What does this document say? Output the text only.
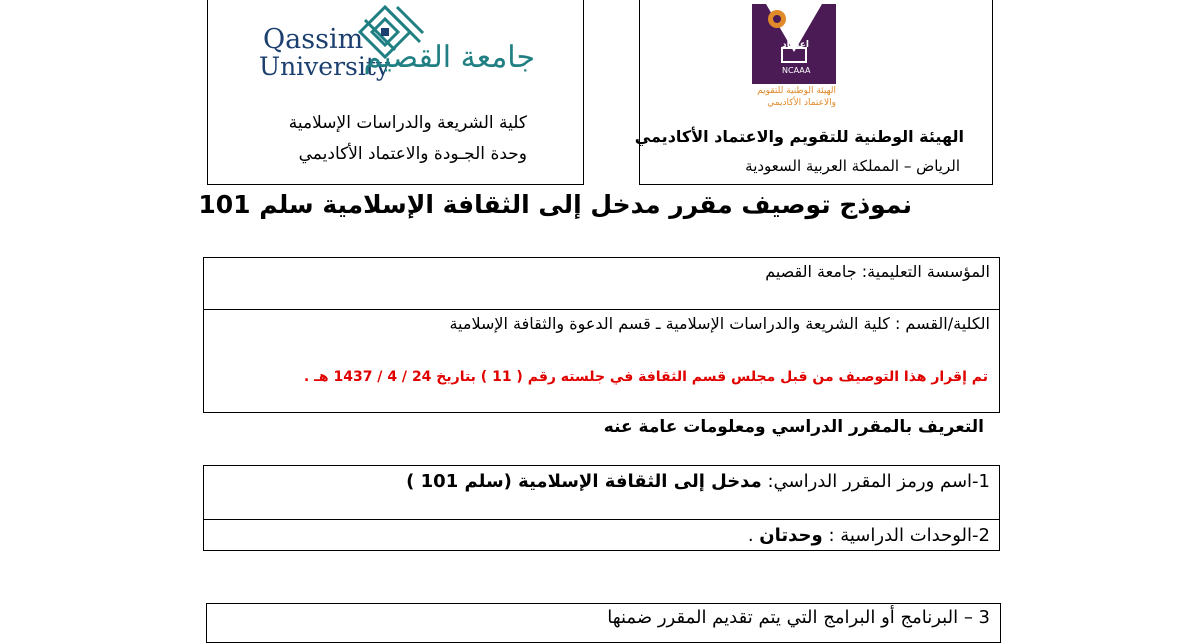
Qassim
University
جامعة القصيم
كلية الشريعة والدراسات الإسلامية
وحدة الجـودة والاعتماد الأكاديمي
اعتماد
NCAAA
الهيئة الوطنية للتقويم
والاعتماد الأكاديمي
الهيئة الوطنية للتقويم والاعتماد الأكاديمي
الرياض – المملكة العربية السعودية
نموذج توصيف مقرر مدخل إلى الثقافة الإسلامية سلم 101
المؤسسة التعليمية: جامعة القصيم
الكلية/القسم : كلية الشريعة والدراسات الإسلامية ـ قسم الدعوة والثقافة الإسلامية
تم إقرار هذا التوصيف من قبل مجلس قسم الثقافة في جلسته رقم ( 11 ) بتاريخ 24 / 4 / 1437 هـ .
التعريف بالمقرر الدراسي ومعلومات عامة عنه
1-اسم ورمز المقرر الدراسي: مدخل إلى الثقافة الإسلامية (سلم 101 )
2-الوحدات الدراسية : وحدتان .
3 – البرنامج أو البرامج التي يتم تقديم المقرر ضمنها
